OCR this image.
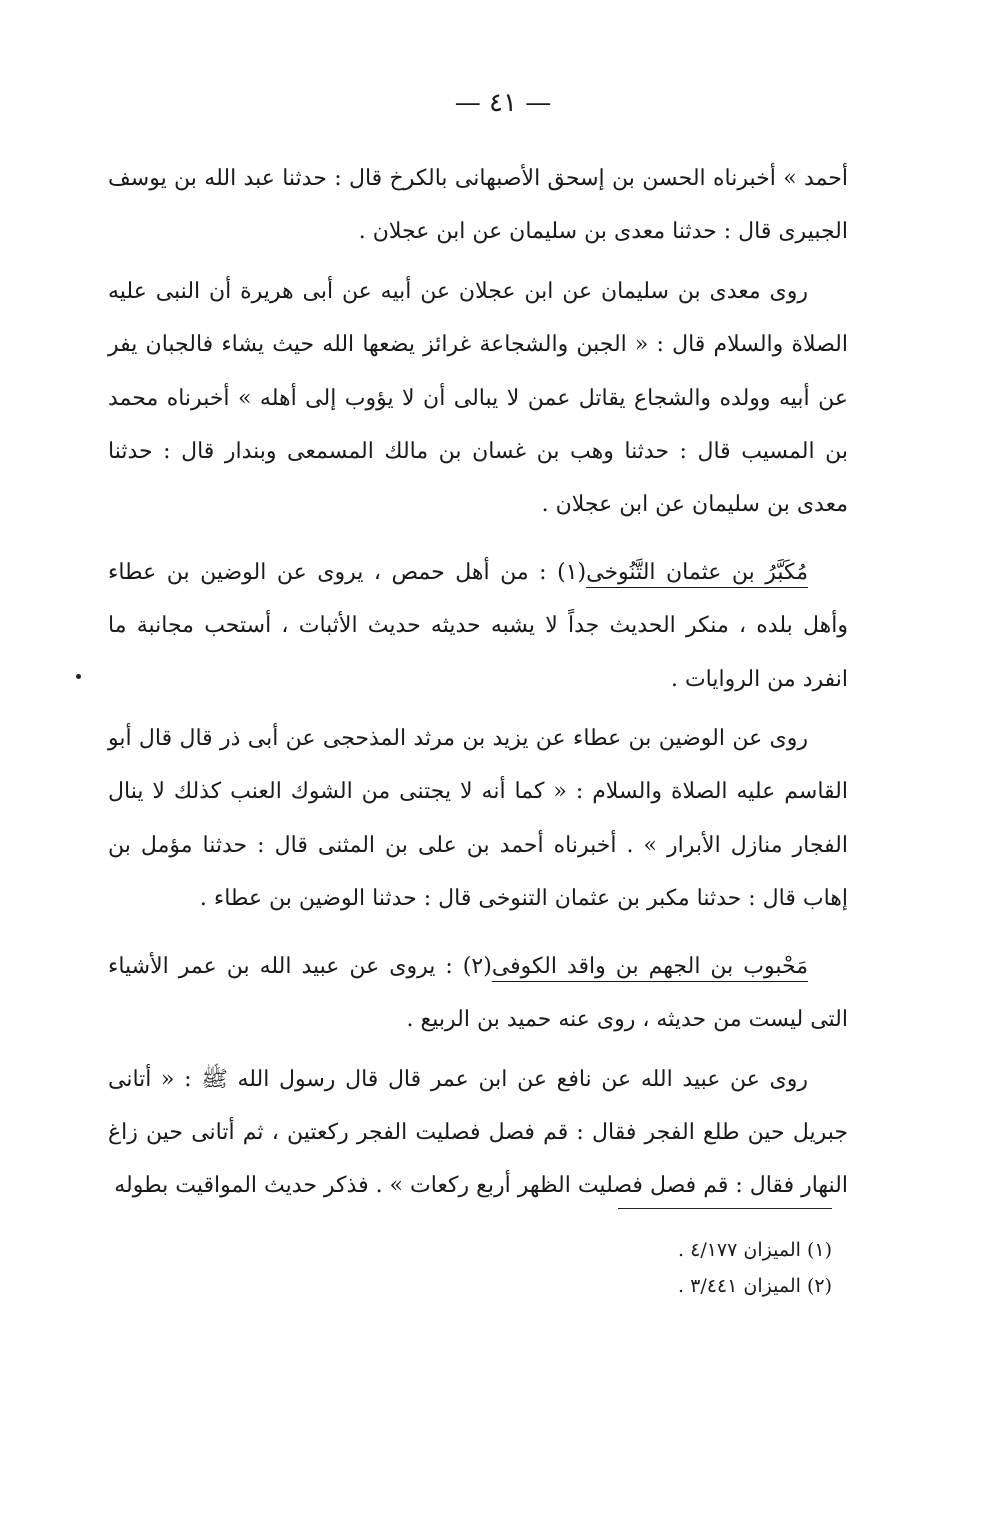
— ٤١ —

أحمد » أخبرناه الحسن بن إسحق الأصبهانى بالكرخ قال : حدثنا عبد الله بن يوسف الجبيرى قال : حدثنا معدى بن سليمان عن ابن عجلان .

روى معدى بن سليمان عن ابن عجلان عن أبيه عن أبى هريرة أن النبى عليه الصلاة والسلام قال : « الجبن والشجاعة غرائز يضعها الله حيث يشاء فالجبان يفر عن أبيه وولده والشجاع يقاتل عمن لا يبالى أن لا يؤوب إلى أهله » أخبرناه محمد بن المسيب قال : حدثنا وهب بن غسان بن مالك المسمعى وبندار قال : حدثنا معدى بن سليمان عن ابن عجلان .

مُكَبَّرُ بن عثمان التَّنُوخى(١) : من أهل حمص ، يروى عن الوضين بن عطاء وأهل بلده ، منكر الحديث جداً لا يشبه حديثه حديث الأثبات ، أستحب مجانبة ما انفرد من الروايات .

روى عن الوضين بن عطاء عن يزيد بن مرثد المذحجى عن أبى ذر قال قال أبو القاسم عليه الصلاة والسلام : « كما أنه لا يجتنى من الشوك العنب كذلك لا ينال الفجار منازل الأبرار » . أخبرناه أحمد بن على بن المثنى قال : حدثنا مؤمل بن إهاب قال : حدثنا مكبر بن عثمان التنوخى قال : حدثنا الوضين بن عطاء .

مَحْبوب بن الجهم بن واقد الكوفى(٢) : يروى عن عبيد الله بن عمر الأشياء التى ليست من حديثه ، روى عنه حميد بن الربيع .

روى عن عبيد الله عن نافع عن ابن عمر قال قال رسول الله ﷺ : « أتانى جبريل حين طلع الفجر فقال : قم فصل فصليت الفجر ركعتين ، ثم أتانى حين زاغ النهار فقال : قم فصل فصليت الظهر أربع ركعات » . فذكر حديث المواقيت بطوله

(١) الميزان ٤/١٧٧ .

(٢) الميزان ٣/٤٤١ .
